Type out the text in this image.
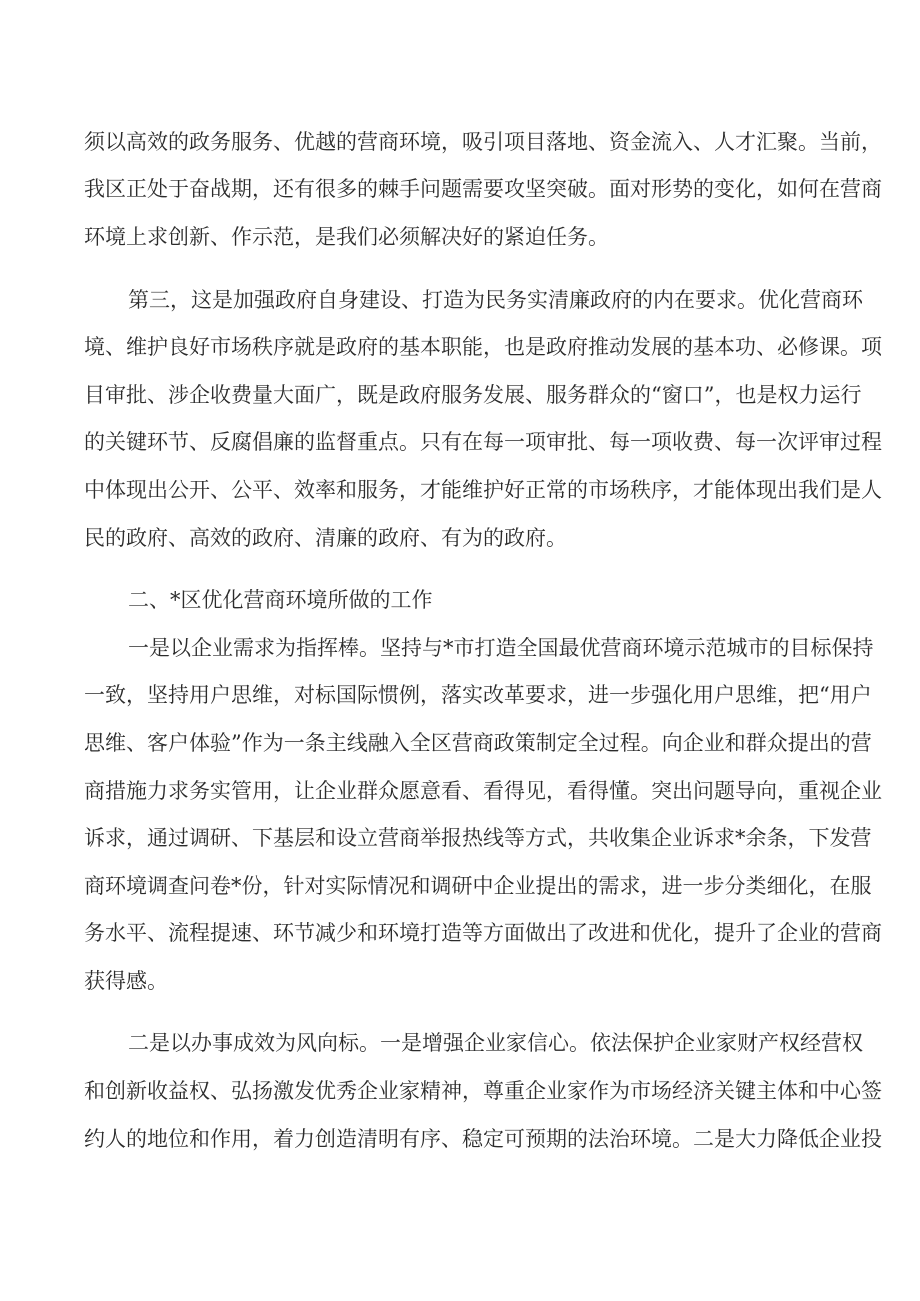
须以高效的政务服务、优越的营商环境，吸引项目落地、资金流入、人才汇聚。当前，
我区正处于奋战期，还有很多的棘手问题需要攻坚突破。面对形势的变化，如何在营商
环境上求创新、作示范，是我们必须解决好的紧迫任务。
第三，这是加强政府自身建设、打造为民务实清廉政府的内在要求。优化营商环
境、维护良好市场秩序就是政府的基本职能，也是政府推动发展的基本功、必修课。项
目审批、涉企收费量大面广，既是政府服务发展、服务群众的“窗口”，也是权力运行
的关键环节、反腐倡廉的监督重点。只有在每一项审批、每一项收费、每一次评审过程
中体现出公开、公平、效率和服务，才能维护好正常的市场秩序，才能体现出我们是人
民的政府、高效的政府、清廉的政府、有为的政府。
二、*区优化营商环境所做的工作
一是以企业需求为指挥棒。坚持与*市打造全国最优营商环境示范城市的目标保持
一致，坚持用户思维，对标国际惯例，落实改革要求，进一步强化用户思维，把“用户
思维、客户体验”作为一条主线融入全区营商政策制定全过程。向企业和群众提出的营
商措施力求务实管用，让企业群众愿意看、看得见，看得懂。突出问题导向，重视企业
诉求，通过调研、下基层和设立营商举报热线等方式，共收集企业诉求*余条，下发营
商环境调查问卷*份，针对实际情况和调研中企业提出的需求，进一步分类细化，在服
务水平、流程提速、环节减少和环境打造等方面做出了改进和优化，提升了企业的营商
获得感。
二是以办事成效为风向标。一是增强企业家信心。依法保护企业家财产权经营权
和创新收益权、弘扬激发优秀企业家精神，尊重企业家作为市场经济关键主体和中心签
约人的地位和作用，着力创造清明有序、稳定可预期的法治环境。二是大力降低企业投
